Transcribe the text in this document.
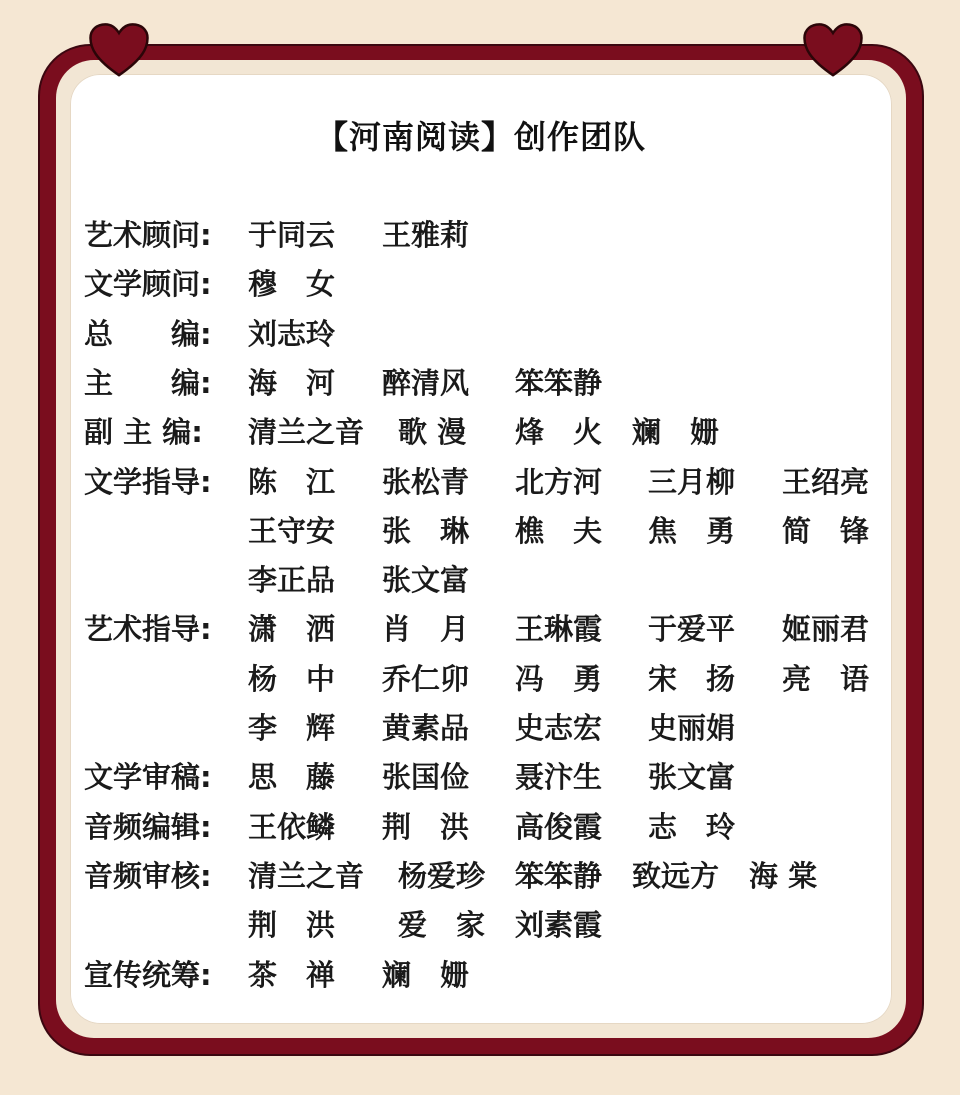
【河南阅读】创作团队
艺术顾问:	于同云 王雅莉
文学顾问:	穆　女
总　　编:	刘志玲
主　　编:	海　河 醉清风 笨笨静
副 主 编:	清兰之音 歌 漫 烽　火 斓　姗
文学指导:	陈　江 张松青 北方河 三月柳 王绍亮
王守安 张　琳 樵　夫 焦　勇 简　锋
李正品 张文富
艺术指导:	潇　洒 肖　月 王琳霞 于爱平 姬丽君
杨　中 乔仁卯 冯　勇 宋　扬 亮　语
李　辉 黄素品 史志宏 史丽娟
文学审稿:	思　藤 张国俭 聂汴生 张文富
音频编辑:	王依鳞 荆　洪 高俊霞 志　玲
音频审核:	清兰之音 杨爱珍 笨笨静 致远方 海 棠
荆　洪 爱　家 刘素霞
宣传统筹:	茶　禅 斓　姗
